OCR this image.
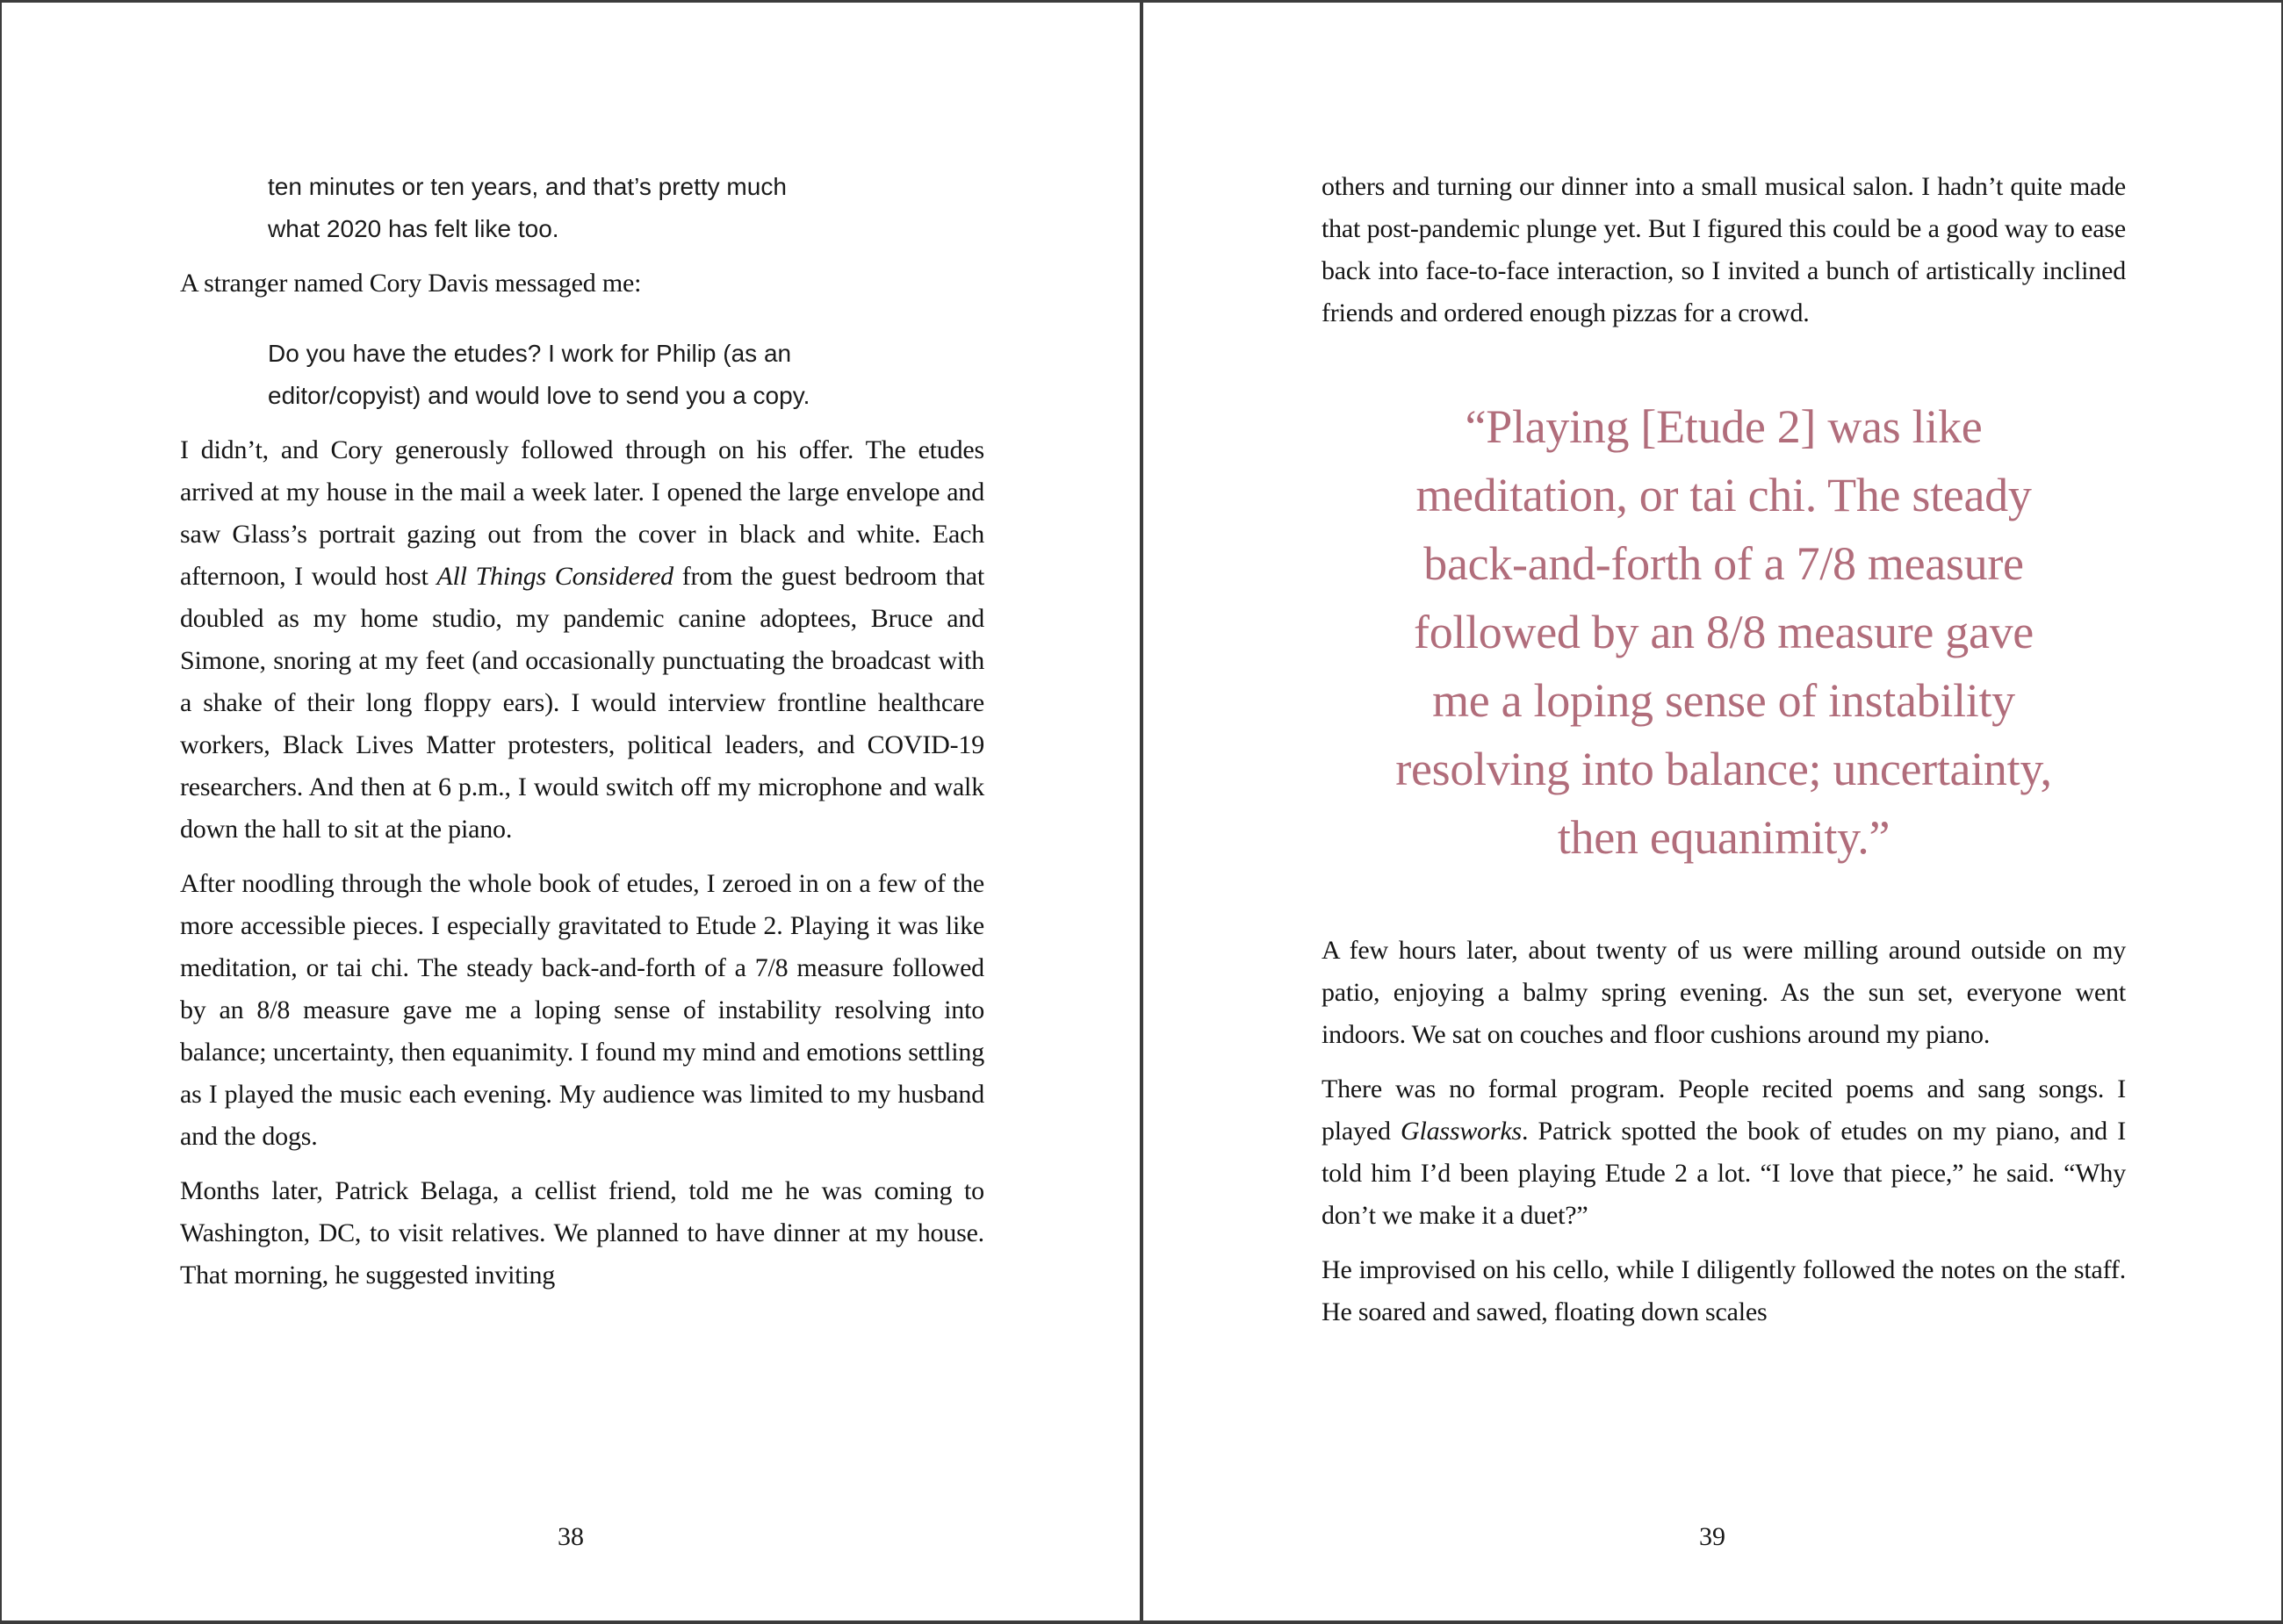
ten minutes or ten years, and that’s pretty much
what 2020 has felt like too.

A stranger named Cory Davis messaged me:

Do you have the etudes? I work for Philip (as an
editor/copyist) and would love to send you a copy.

I didn’t, and Cory generously followed through on his offer. The etudes arrived at my house in the mail a week later. I opened the large envelope and saw Glass’s portrait gazing out from the cover in black and white. Each afternoon, I would host All Things Considered from the guest bedroom that doubled as my home studio, my pandemic canine adoptees, Bruce and Simone, snoring at my feet (and occasionally punctuating the broadcast with a shake of their long floppy ears). I would interview frontline healthcare workers, Black Lives Matter protesters, political leaders, and COVID-19 researchers. And then at 6 p.m., I would switch off my microphone and walk down the hall to sit at the piano.

After noodling through the whole book of etudes, I zeroed in on a few of the more accessible pieces. I especially gravitated to Etude 2. Playing it was like meditation, or tai chi. The steady back-and-forth of a 7/8 measure followed by an 8/8 measure gave me a loping sense of instability resolving into balance; uncertainty, then equanimity. I found my mind and emotions settling as I played the music each evening. My audience was limited to my husband and the dogs.

Months later, Patrick Belaga, a cellist friend, told me he was coming to Washington, DC, to visit relatives. We planned to have dinner at my house. That morning, he suggested inviting

38

others and turning our dinner into a small musical salon. I hadn’t quite made that post-pandemic plunge yet. But I figured this could be a good way to ease back into face-to-face interaction, so I invited a bunch of artistically inclined friends and ordered enough pizzas for a crowd.

“Playing [Etude 2] was like
meditation, or tai chi. The steady
back-and-forth of a 7/8 measure
followed by an 8/8 measure gave
me a loping sense of instability
resolving into balance; uncertainty,
then equanimity.”

A few hours later, about twenty of us were milling around outside on my patio, enjoying a balmy spring evening. As the sun set, everyone went indoors. We sat on couches and floor cushions around my piano.

There was no formal program. People recited poems and sang songs. I played Glassworks. Patrick spotted the book of etudes on my piano, and I told him I’d been playing Etude 2 a lot. “I love that piece,” he said. “Why don’t we make it a duet?”

He improvised on his cello, while I diligently followed the notes on the staff. He soared and sawed, floating down scales

39
